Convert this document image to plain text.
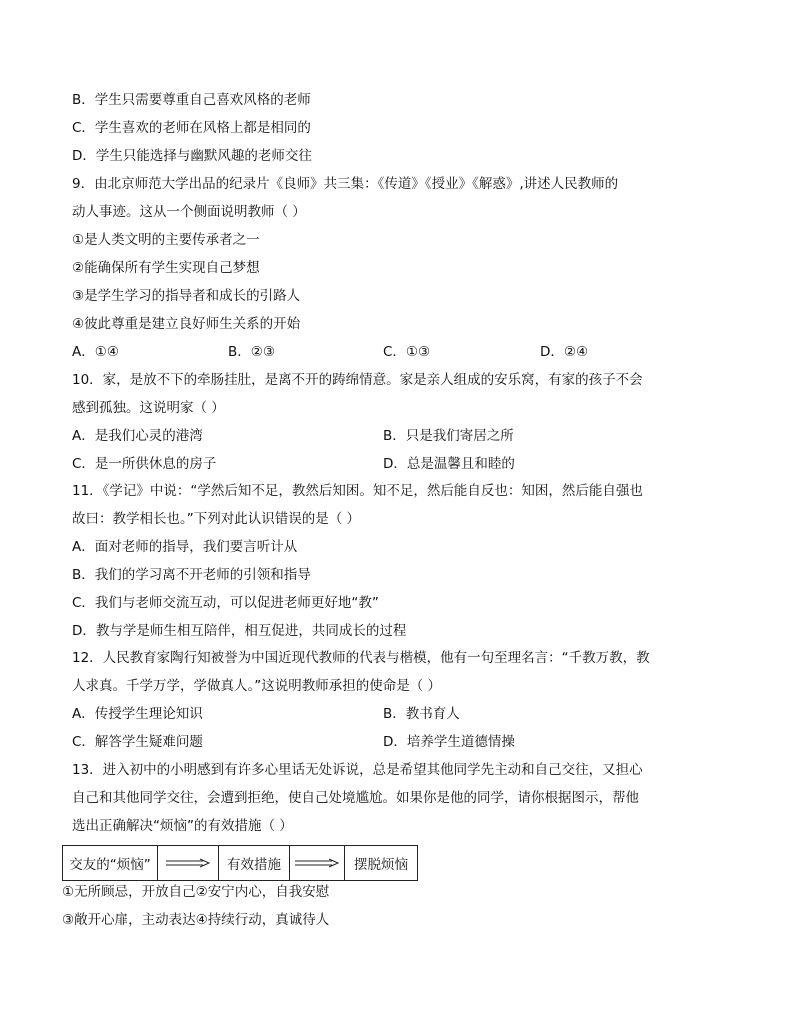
B．学生只需要尊重自己喜欢风格的老师
C．学生喜欢的老师在风格上都是相同的
D．学生只能选择与幽默风趣的老师交往
9．由北京师范大学出品的纪录片《良师》共三集：《传道》《授业》《解惑》,讲述人民教师的
动人事迹。这从一个侧面说明教师（ ）
①是人类文明的主要传承者之一
②能确保所有学生实现自己梦想
③是学生学习的指导者和成长的引路人
④彼此尊重是建立良好师生关系的开始
A．①④	B．②③	C．①③	D．②④
10．家，是放不下的牵肠挂肚，是离不开的踌绵情意。家是亲人组成的安乐窝，有家的孩子不会
感到孤独。这说明家（ ）
A．是我们心灵的港湾	B．只是我们寄居之所
C．是一所供休息的房子	D．总是温馨且和睦的
11．《学记》中说：“学然后知不足，教然后知困。知不足，然后能自反也：知困，然后能自强也
故曰：教学相长也。”下列对此认识错误的是（ ）
A．面对老师的指导，我们要言听计从
B．我们的学习离不开老师的引领和指导
C．我们与老师交流互动，可以促进老师更好地“教”
D．教与学是师生相互陪伴，相互促进，共同成长的过程
12．人民教育家陶行知被誉为中国近现代教师的代表与楷模，他有一句至理名言：“千教万教，教
人求真。千学万学，学做真人。”这说明教师承担的使命是（ ）
A．传授学生理论知识	B．教书育人
C．解答学生疑难问题	D．培养学生道德情操
13．进入初中的小明感到有许多心里话无处诉说，总是希望其他同学先主动和自己交往，又担心
自己和其他同学交往，会遭到拒绝，使自己处境尴尬。如果你是他的同学，请你根据图示，帮他
选出正确解决“烦恼”的有效措施（ ）
交友的“烦恼”	有效措施	摆脱烦恼
①无所顾忌，开放自己②安宁内心，自我安慰
③敞开心扉，主动表达④持续行动，真诚待人
